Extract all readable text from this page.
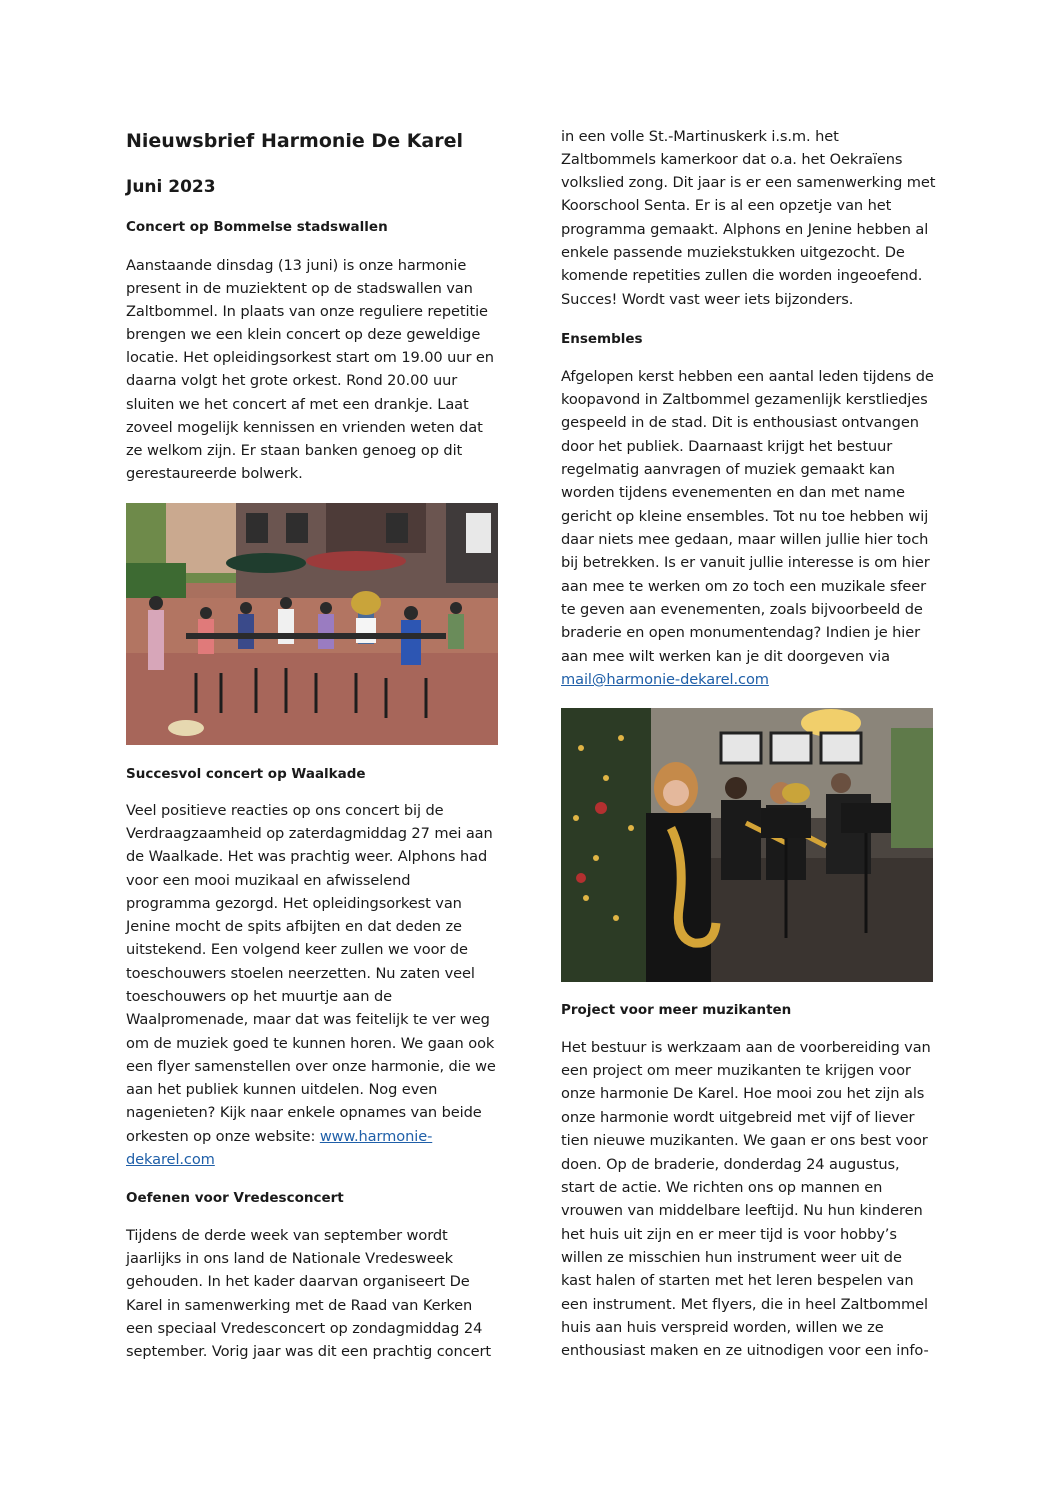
Nieuwsbrief Harmonie De Karel
Juni 2023
Concert op Bommelse stadswallen
Aanstaande dinsdag (13 juni) is onze harmonie
present in de muziektent op de stadswallen van
Zaltbommel. In plaats van onze reguliere repetitie
brengen we een klein concert op deze geweldige
locatie. Het opleidingsorkest start om 19.00 uur en
daarna volgt het grote orkest. Rond 20.00 uur
sluiten we het concert af met een drankje. Laat
zoveel mogelijk kennissen en vrienden weten dat
ze welkom zijn. Er staan banken genoeg op dit
gerestaureerde bolwerk.
Succesvol concert op Waalkade
Veel positieve reacties op ons concert bij de
Verdraagzaamheid op zaterdagmiddag 27 mei aan
de Waalkade. Het was prachtig weer. Alphons had
voor een mooi muzikaal en afwisselend
programma gezorgd. Het opleidingsorkest van
Jenine mocht de spits afbijten en dat deden ze
uitstekend. Een volgend keer zullen we voor de
toeschouwers stoelen neerzetten. Nu zaten veel
toeschouwers op het muurtje aan de
Waalpromenade, maar dat was feitelijk te ver weg
om de muziek goed te kunnen horen. We gaan ook
een flyer samenstellen over onze harmonie, die we
aan het publiek kunnen uitdelen. Nog even
nagenieten? Kijk naar enkele opnames van beide
orkesten op onze website: www.harmonie-
dekarel.com
Oefenen voor Vredesconcert
Tijdens de derde week van september wordt
jaarlijks in ons land de Nationale Vredesweek
gehouden. In het kader daarvan organiseert De
Karel in samenwerking met de Raad van Kerken
een speciaal Vredesconcert op zondagmiddag 24
september. Vorig jaar was dit een prachtig concert
in een volle St.-Martinuskerk i.s.m. het
Zaltbommels kamerkoor dat o.a. het Oekraïens
volkslied zong. Dit jaar is er een samenwerking met
Koorschool Senta. Er is al een opzetje van het
programma gemaakt. Alphons en Jenine hebben al
enkele passende muziekstukken uitgezocht. De
komende repetities zullen die worden ingeoefend.
Succes! Wordt vast weer iets bijzonders.
Ensembles
Afgelopen kerst hebben een aantal leden tijdens de
koopavond in Zaltbommel gezamenlijk kerstliedjes
gespeeld in de stad. Dit is enthousiast ontvangen
door het publiek. Daarnaast krijgt het bestuur
regelmatig aanvragen of muziek gemaakt kan
worden tijdens evenementen en dan met name
gericht op kleine ensembles. Tot nu toe hebben wij
daar niets mee gedaan, maar willen jullie hier toch
bij betrekken. Is er vanuit jullie interesse is om hier
aan mee te werken om zo toch een muzikale sfeer
te geven aan evenementen, zoals bijvoorbeeld de
braderie en open monumentendag? Indien je hier
aan mee wilt werken kan je dit doorgeven via
mail@harmonie-dekarel.com
Project voor meer muzikanten
Het bestuur is werkzaam aan de voorbereiding van
een project om meer muzikanten te krijgen voor
onze harmonie De Karel. Hoe mooi zou het zijn als
onze harmonie wordt uitgebreid met vijf of liever
tien nieuwe muzikanten. We gaan er ons best voor
doen. Op de braderie, donderdag 24 augustus,
start de actie. We richten ons op mannen en
vrouwen van middelbare leeftijd. Nu hun kinderen
het huis uit zijn en er meer tijd is voor hobby’s
willen ze misschien hun instrument weer uit de
kast halen of starten met het leren bespelen van
een instrument. Met flyers, die in heel Zaltbommel
huis aan huis verspreid worden, willen we ze
enthousiast maken en ze uitnodigen voor een info-
